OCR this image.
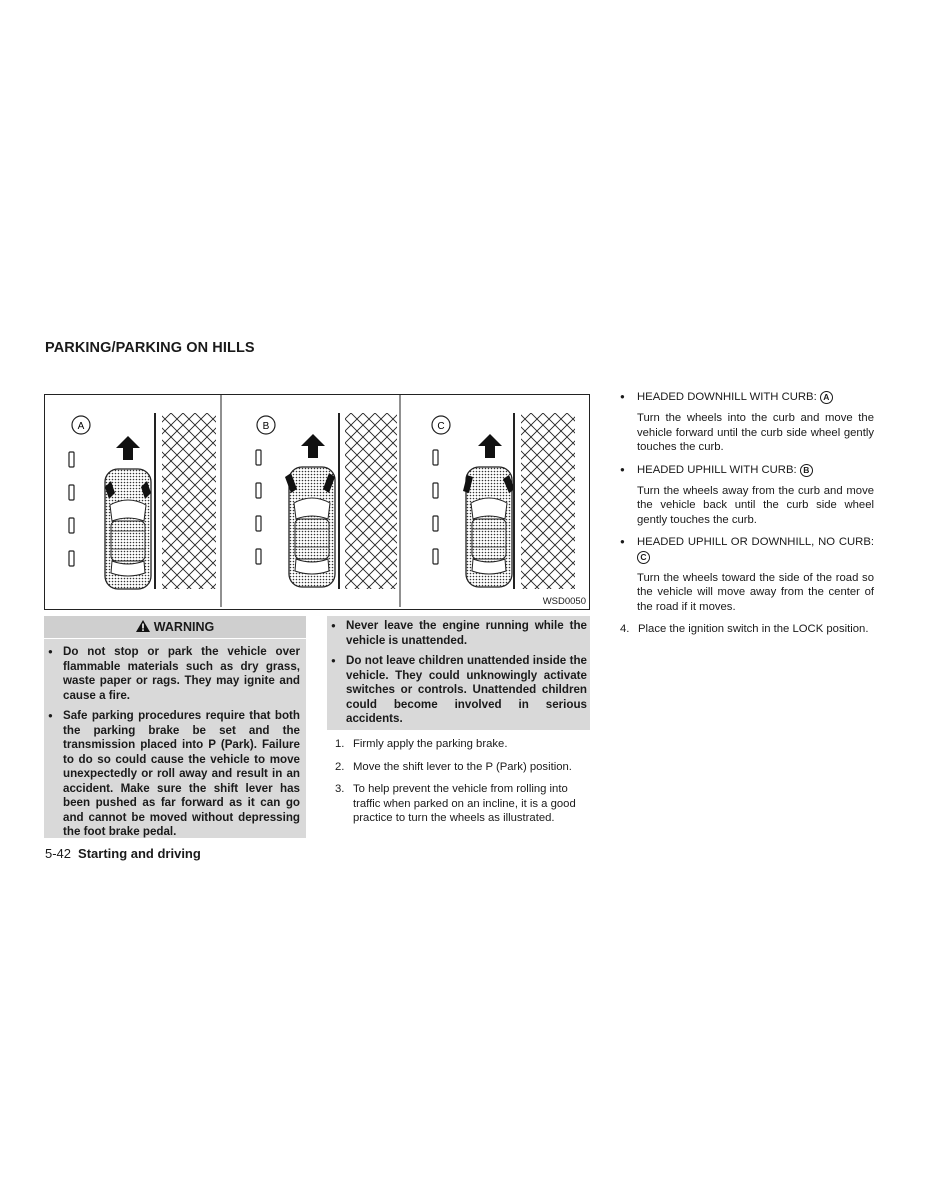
PARKING/PARKING ON HILLS
A	B	C
WSD0050
WARNING
● Do not stop or park the vehicle over flammable materials such as dry grass, waste paper or rags. They may ignite and cause a fire.
● Safe parking procedures require that both the parking brake be set and the transmission placed into P (Park). Failure to do so could cause the vehicle to move unexpectedly or roll away and result in an accident. Make sure the shift lever has been pushed as far forward as it can go and cannot be moved without depressing the foot brake pedal.
● Never leave the engine running while the vehicle is unattended.
● Do not leave children unattended inside the vehicle. They could unknowingly activate switches or controls. Unattended children could become involved in serious accidents.
1. Firmly apply the parking brake.
2. Move the shift lever to the P (Park) position.
3. To help prevent the vehicle from rolling into traffic when parked on an incline, it is a good practice to turn the wheels as illustrated.
● HEADED DOWNHILL WITH CURB: A
Turn the wheels into the curb and move the vehicle forward until the curb side wheel gently touches the curb.
● HEADED UPHILL WITH CURB: B
Turn the wheels away from the curb and move the vehicle back until the curb side wheel gently touches the curb.
● HEADED UPHILL OR DOWNHILL, NO CURB: C
Turn the wheels toward the side of the road so the vehicle will move away from the center of the road if it moves.
4. Place the ignition switch in the LOCK position.
5-42 Starting and driving
